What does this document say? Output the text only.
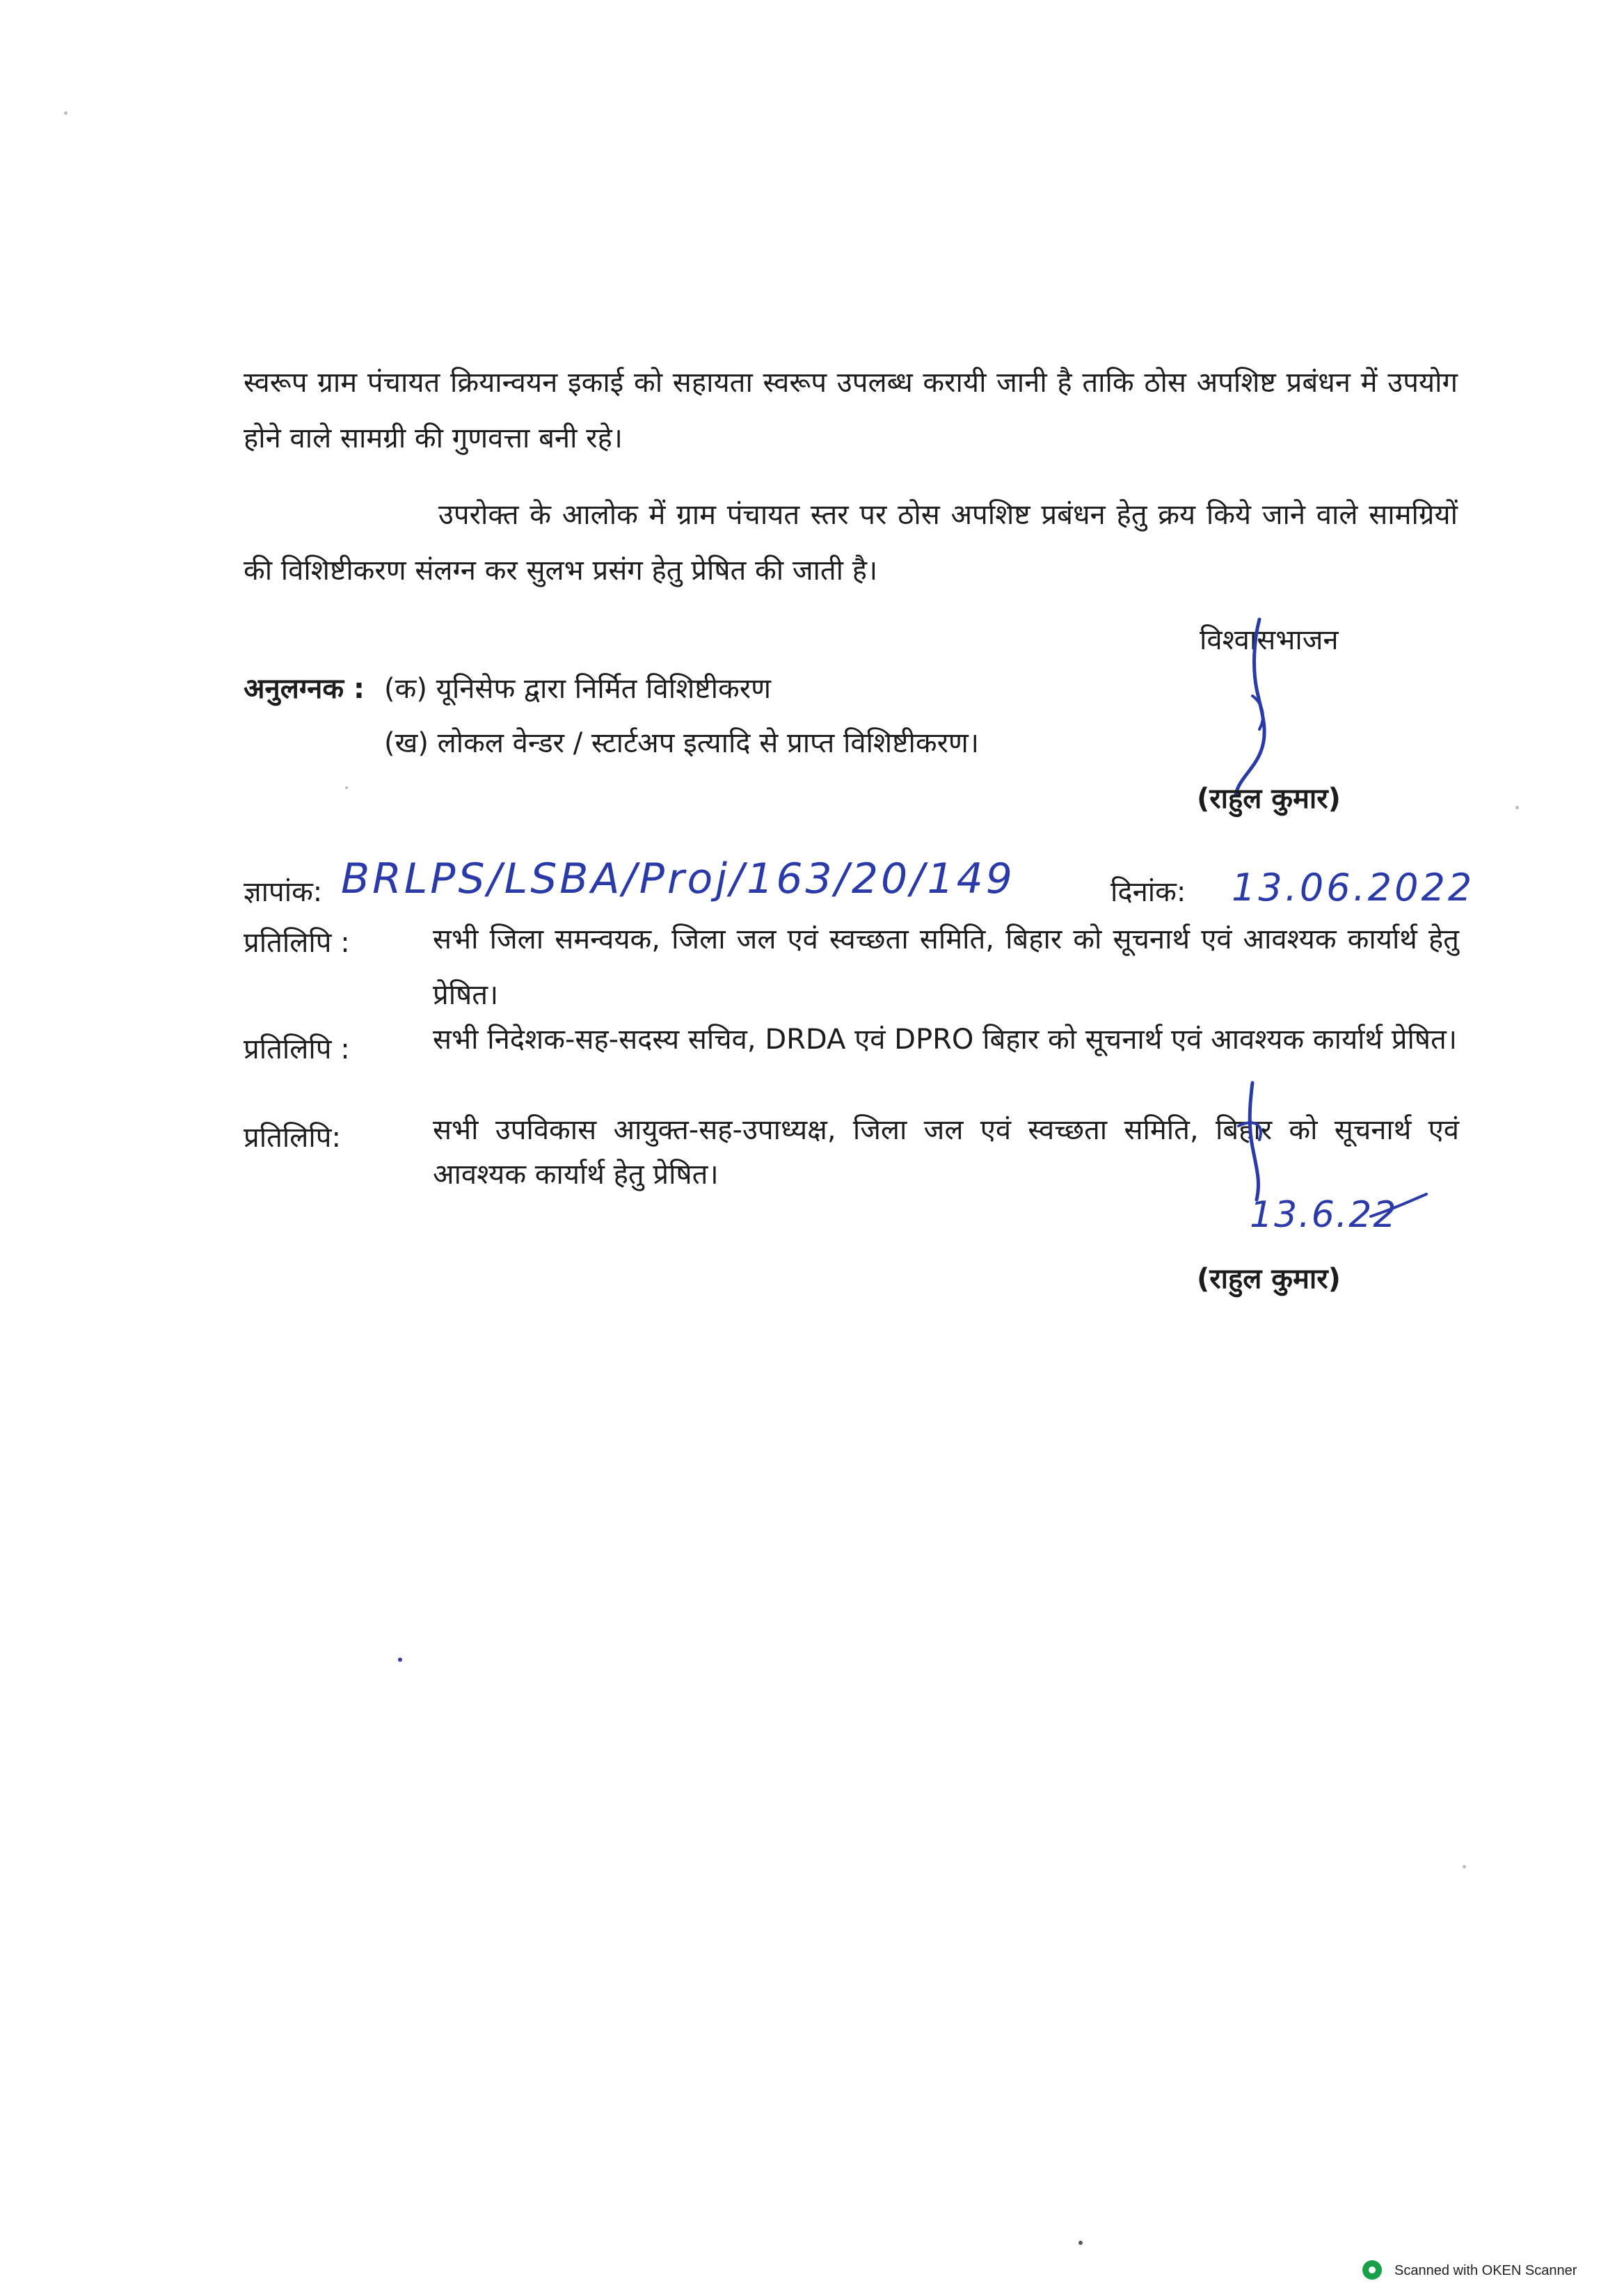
स्वरूप ग्राम पंचायत क्रियान्वयन इकाई को सहायता स्वरूप उपलब्ध करायी जानी है ताकि ठोस अपशिष्ट प्रबंधन में उपयोग होने वाले सामग्री की गुणवत्ता बनी रहे।
उपरोक्त के आलोक में ग्राम पंचायत स्तर पर ठोस अपशिष्ट प्रबंधन हेतु क्रय किये जाने वाले सामग्रियों की विशिष्टीकरण संलग्न कर सुलभ प्रसंग हेतु प्रेषित की जाती है।
विश्वासभाजन
अनुलग्नक : (क) यूनिसेफ द्वारा निर्मित विशिष्टीकरण
(ख) लोकल वेन्डर / स्टार्टअप इत्यादि से प्राप्त विशिष्टीकरण।
(राहुल कुमार)
ज्ञापांक: BRLPS/LSBA/Proj/163/20/149	दिनांक: 13.06.2022
प्रतिलिपि :	सभी जिला समन्वयक, जिला जल एवं स्वच्छता समिति, बिहार को सूचनार्थ एवं आवश्यक कार्यार्थ हेतु प्रेषित।
प्रतिलिपि :	सभी निदेशक-सह-सदस्य सचिव, DRDA एवं DPRO बिहार को सूचनार्थ एवं आवश्यक कार्यार्थ प्रेषित।
प्रतिलिपि:	सभी उपविकास आयुक्त-सह-उपाध्यक्ष, जिला जल एवं स्वच्छता समिति, बिहार को सूचनार्थ एवं आवश्यक कार्यार्थ हेतु प्रेषित।
13.6.22
(राहुल कुमार)
Scanned with OKEN Scanner
